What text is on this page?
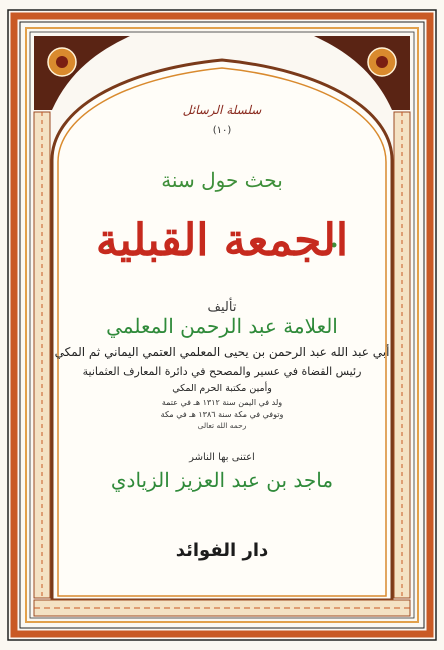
سلسلة الرسائل
(١٠)
بحث حول سنة
الجمعة القبلية
تأليف
العلامة عبد الرحمن المعلمي
أبي عبد الله عبد الرحمن بن يحيى المعلمي العتمي اليماني ثم المكي
رئيس القضاة في عسير والمصحح في دائرة المعارف العثمانية
وأمين مكتبة الحرم المكي
ولد في اليمن سنة ١٣١٢ هـ في عتمة
وتوفي في مكة سنة ١٣٨٦ هـ في مكة
رحمه الله تعالى
اعتنى بها الناشر
ماجد بن عبد العزيز الزيادي
دار الفوائد
